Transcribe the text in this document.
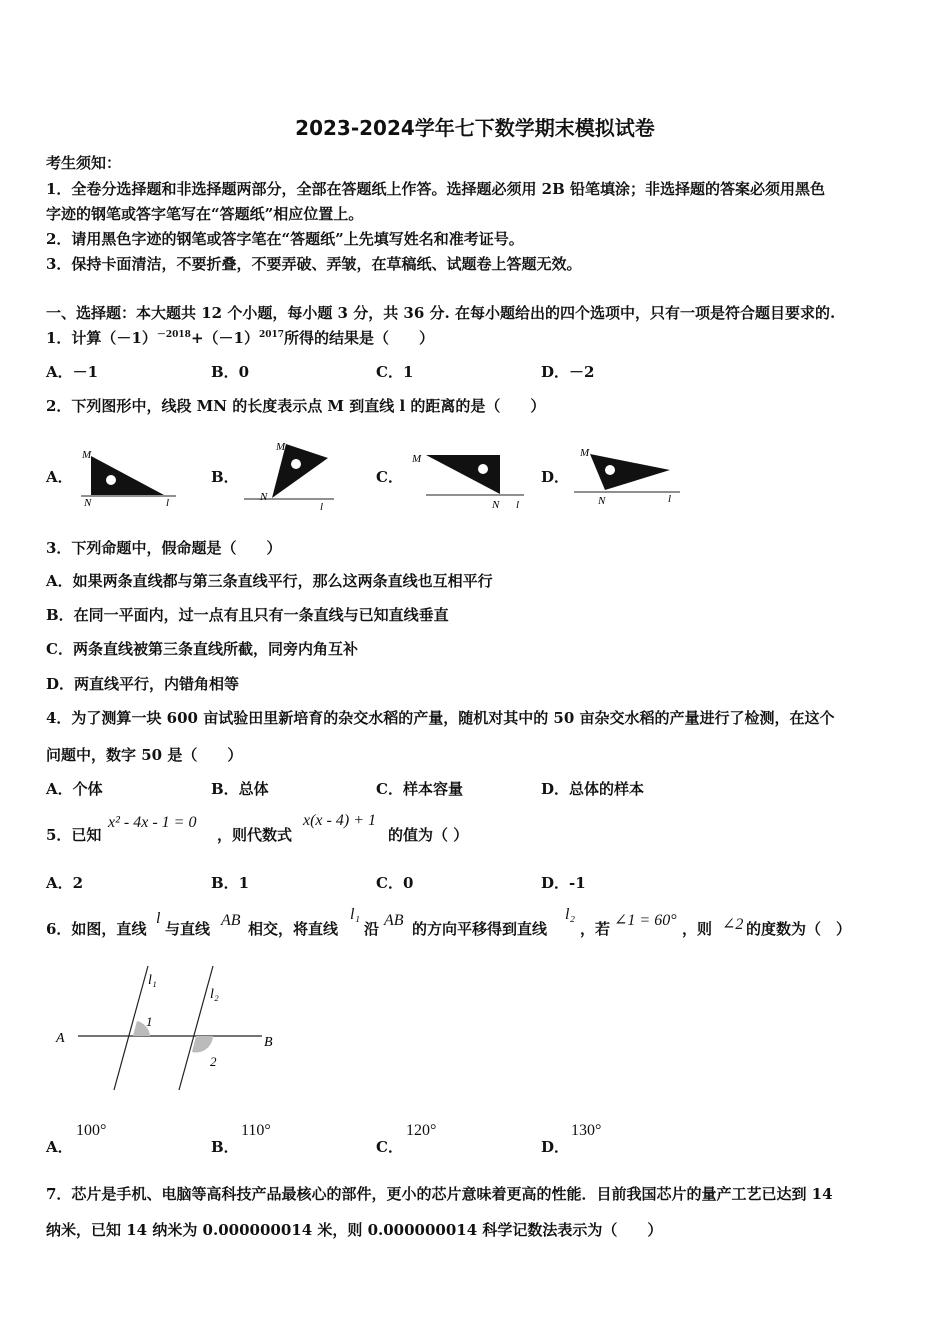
2023-2024学年七下数学期末模拟试卷
考生须知：
1．全卷分选择题和非选择题两部分，全部在答题纸上作答。选择题必须用 2B 铅笔填涂；非选择题的答案必须用黑色
字迹的钢笔或答字笔写在“答题纸”相应位置上。
2．请用黑色字迹的钢笔或答字笔在“答题纸”上先填写姓名和准考证号。
3．保持卡面清洁，不要折叠，不要弄破、弄皱，在草稿纸、试题卷上答题无效。
一、选择题：本大题共 12 个小题，每小题 3 分，共 36 分. 在每小题给出的四个选项中，只有一项是符合题目要求的.
1．计算$(-1)^{-2018}+(-1)^{2017}$所得的结果是（　　）
A．－1	B．0	C．1	D．－2
2．下列图形中，线段 MN 的长度表示点 M 到直线 l 的距离的是（　　）
A．
M
N	l
B．
M
N
l
C．
M
N l
D．
M
N	l
3．下列命题中，假命题是（　　）
A．如果两条直线都与第三条直线平行，那么这两条直线也互相平行
B．在同一平面内，过一点有且只有一条直线与已知直线垂直
C．两条直线被第三条直线所截，同旁内角互补
D．两直线平行，内错角相等
4．为了测算一块 600 亩试验田里新培育的杂交水稻的产量，随机对其中的 50 亩杂交水稻的产量进行了检测，在这个
问题中，数字 50 是（　　）
A．个体	B．总体	C．样本容量	D．总体的样本
5．已知
x² - 4x - 1 = 0
，则代数式
x(x - 4) + 1
的值为（ ）
A．2	B．1	C．0	D．-1
6．如图，直线
l
与直线 AB 相交，将直线
l₁
沿 AB 的方向平移得到直线
l₂
，若 ∠1 = 60° ，则 ∠2 的度数为（　）
l₁
l₂
A	B
1
2
A．
100°
B．
110°
C．
120°
D．
130°
7．芯片是手机、电脑等高科技产品最核心的部件，更小的芯片意味着更高的性能．目前我国芯片的量产工艺已达到 14
纳米，已知 14 纳米为 0.000000014 米，则 0.000000014 科学记数法表示为（　　）
